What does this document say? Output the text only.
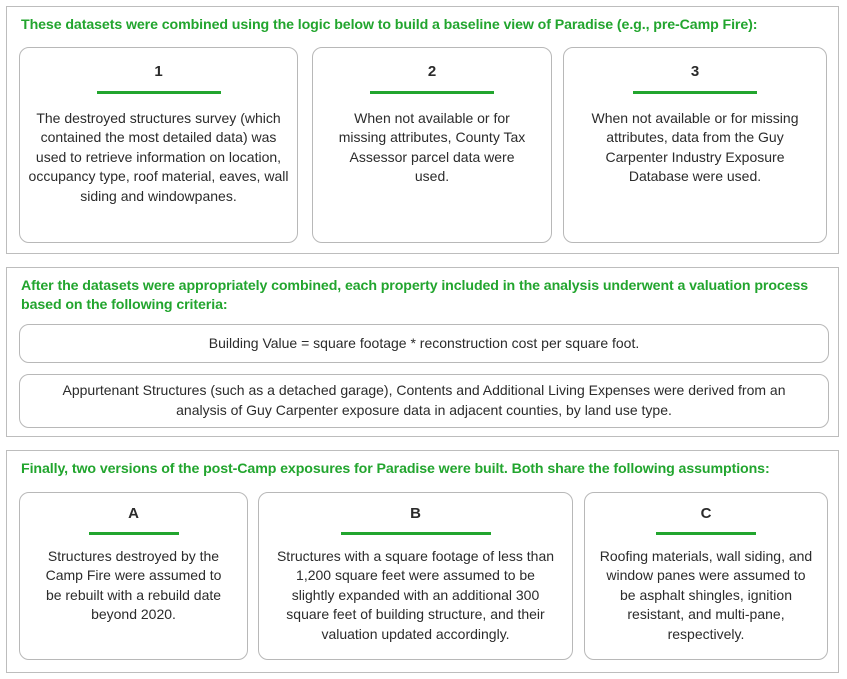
These datasets were combined using the logic below to build a baseline view of Paradise (e.g., pre-Camp Fire):
1
The destroyed structures survey (which contained the most detailed data) was used to retrieve information on location, occupancy type, roof material, eaves, wall siding and windowpanes.
2
When not available or for missing attributes, County Tax Assessor parcel data were used.
3
When not available or for missing attributes, data from the Guy Carpenter Industry Exposure Database were used.
After the datasets were appropriately combined, each property included in the analysis underwent a valuation process based on the following criteria:
Building Value = square footage * reconstruction cost per square foot.
Appurtenant Structures (such as a detached garage), Contents and Additional Living Expenses were derived from an analysis of Guy Carpenter exposure data in adjacent counties, by land use type.
Finally, two versions of the post-Camp exposures for Paradise were built. Both share the following assumptions:
A
Structures destroyed by the Camp Fire were assumed to be rebuilt with a rebuild date beyond 2020.
B
Structures with a square footage of less than 1,200 square feet were assumed to be slightly expanded with an additional 300 square feet of building structure, and their valuation updated accordingly.
C
Roofing materials, wall siding, and window panes were assumed to be asphalt shingles, ignition resistant, and multi-pane, respectively.
